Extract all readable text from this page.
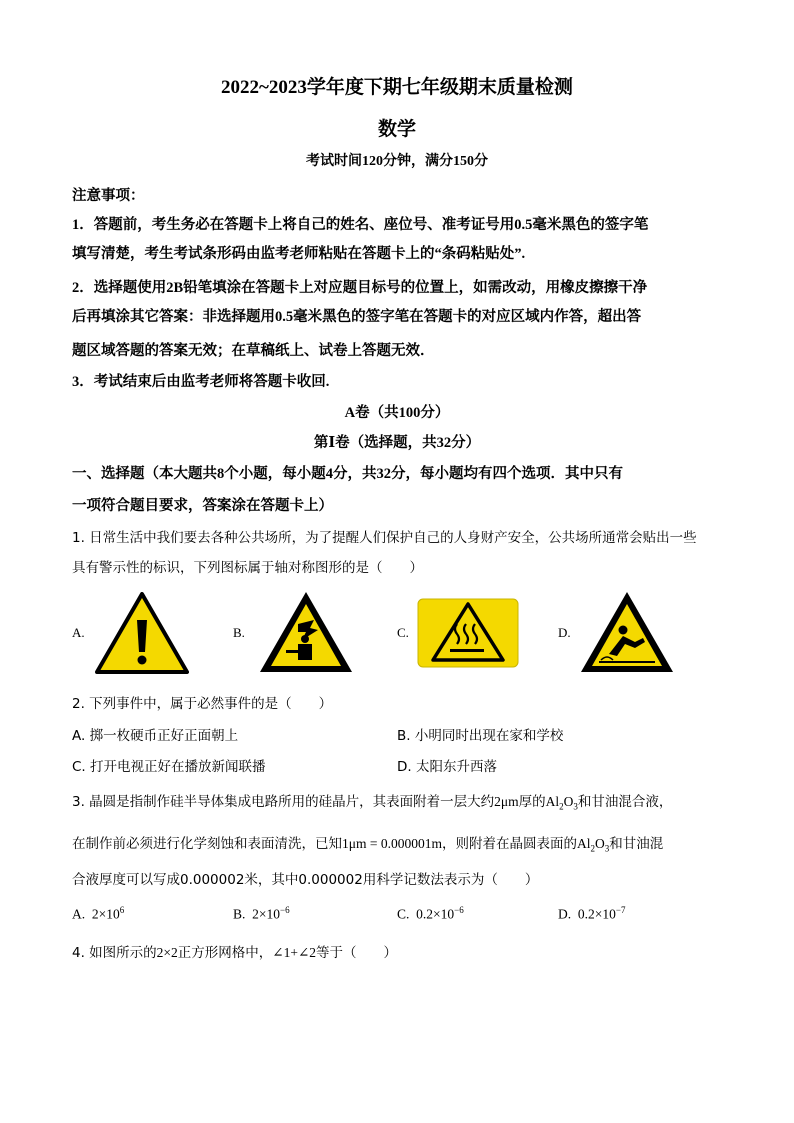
2022~2023学年度下期七年级期末质量检测
数学
考试时间120分钟，满分150分
注意事项：
1．答题前，考生务必在答题卡上将自己的姓名、座位号、准考证号用0.5毫米黑色的签字笔
填写清楚，考生考试条形码由监考老师粘贴在答题卡上的“条码粘贴处”.
2．选择题使用2B铅笔填涂在答题卡上对应题目标号的位置上，如需改动，用橡皮擦擦干净
后再填涂其它答案：非选择题用0.5毫米黑色的签字笔在答题卡的对应区域内作答，超出答
题区域答题的答案无效；在草稿纸上、试卷上答题无效．
3．考试结束后由监考老师将答题卡收回.
A卷（共100分）
第Ⅰ卷（选择题，共32分）
一、选择题（本大题共8个小题，每小题4分，共32分，每小题均有四个选项．其中只有
一项符合题目要求，答案涂在答题卡上）
1. 日常生活中我们要去各种公共场所，为了提醒人们保护自己的人身财产安全，公共场所通常会贴出一些
具有警示性的标识，下列图标属于轴对称图形的是（　　）
A.	B.	C.	D.
2. 下列事件中，属于必然事件的是（　　）
A. 掷一枚硬币正好正面朝上	B. 小明同时出现在家和学校
C. 打开电视正好在播放新闻联播	D. 太阳东升西落
3. 晶圆是指制作硅半导体集成电路所用的硅晶片，其表面附着一层大约2μm厚的$Al_2O_3$和甘油混合液，
在制作前必须进行化学刻蚀和表面清洗，已知1μm = 0.000001m，则附着在晶圆表面的$Al_2O_3$和甘油混
合液厚度可以写成0.000002米，其中0.000002用科学记数法表示为（　　）
A. $2\times 10^6$	B. $2\times 10^{-6}$	C. $0.2\times 10^{-6}$	D. $0.2\times 10^{-7}$
4. 如图所示的2×2正方形网格中，∠1+∠2等于（　　）
